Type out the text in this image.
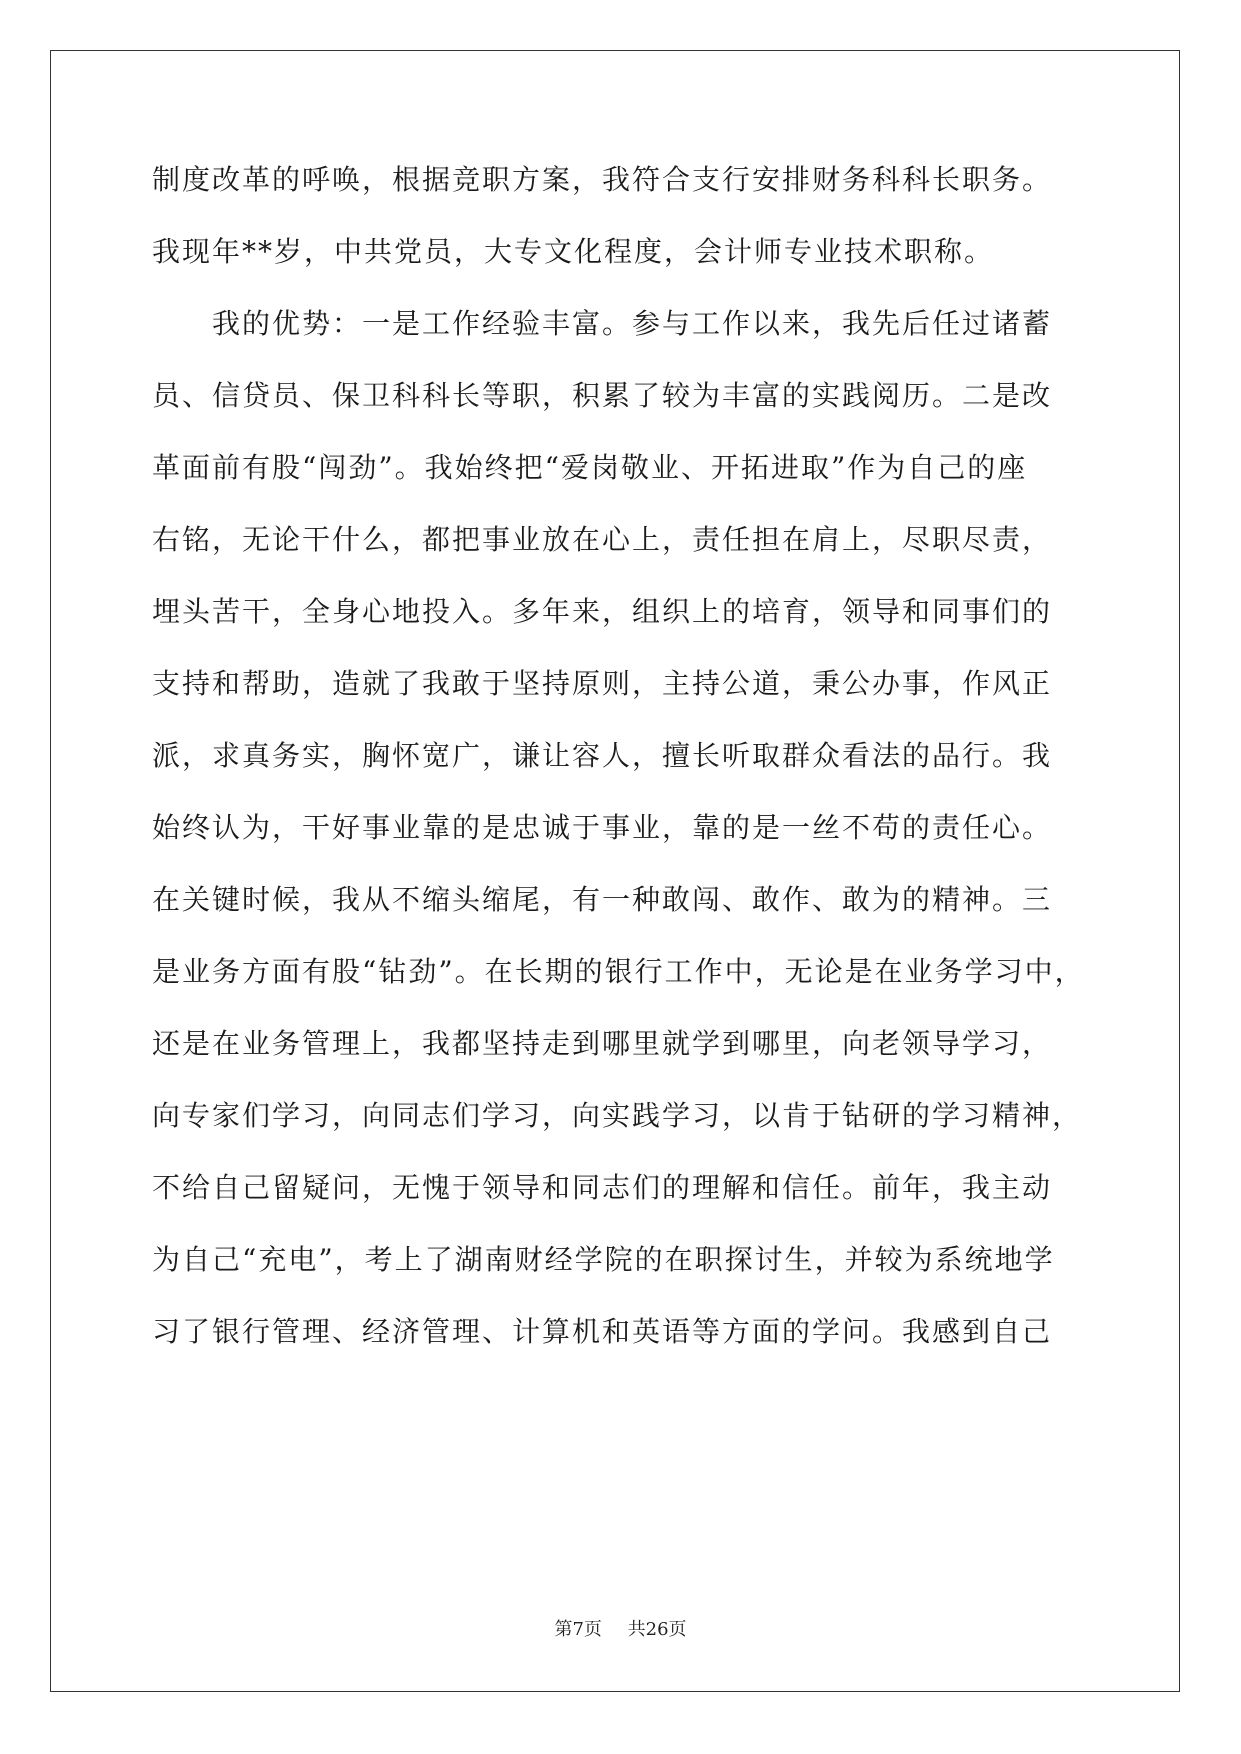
制度改革的呼唤，根据竞职方案，我符合支行安排财务科科长职务。
我现年**岁，中共党员，大专文化程度，会计师专业技术职称。
我的优势：一是工作经验丰富。参与工作以来，我先后任过诸蓄
员、信贷员、保卫科科长等职，积累了较为丰富的实践阅历。二是改
革面前有股“闯劲”。我始终把“爱岗敬业、开拓进取”作为自己的座
右铭，无论干什么，都把事业放在心上，责任担在肩上，尽职尽责，
埋头苦干，全身心地投入。多年来，组织上的培育，领导和同事们的
支持和帮助，造就了我敢于坚持原则，主持公道，秉公办事，作风正
派，求真务实，胸怀宽广，谦让容人，擅长听取群众看法的品行。我
始终认为，干好事业靠的是忠诚于事业，靠的是一丝不苟的责任心。
在关键时候，我从不缩头缩尾，有一种敢闯、敢作、敢为的精神。三
是业务方面有股“钻劲”。在长期的银行工作中，无论是在业务学习中，
还是在业务管理上，我都坚持走到哪里就学到哪里，向老领导学习，
向专家们学习，向同志们学习，向实践学习，以肯于钻研的学习精神，
不给自己留疑问，无愧于领导和同志们的理解和信任。前年，我主动
为自己“充电”，考上了湖南财经学院的在职探讨生，并较为系统地学
习了银行管理、经济管理、计算机和英语等方面的学问。我感到自己
第7页 共26页
